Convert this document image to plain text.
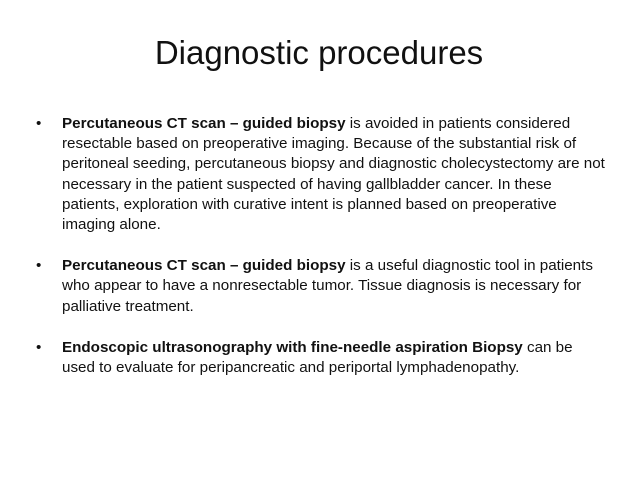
Diagnostic procedures
• Percutaneous CT scan – guided biopsy is avoided in patients considered resectable based on preoperative imaging. Because of the substantial risk of peritoneal seeding, percutaneous biopsy and diagnostic cholecystectomy are not necessary in the patient suspected of having gallbladder cancer. In these patients, exploration with curative intent is planned based on preoperative imaging alone.
• Percutaneous CT scan – guided biopsy is a useful diagnostic tool in patients who appear to have a nonresectable tumor. Tissue diagnosis is necessary for palliative treatment.
• Endoscopic ultrasonography with fine-needle aspiration Biopsy can be used to evaluate for peripancreatic and periportal lymphadenopathy.
